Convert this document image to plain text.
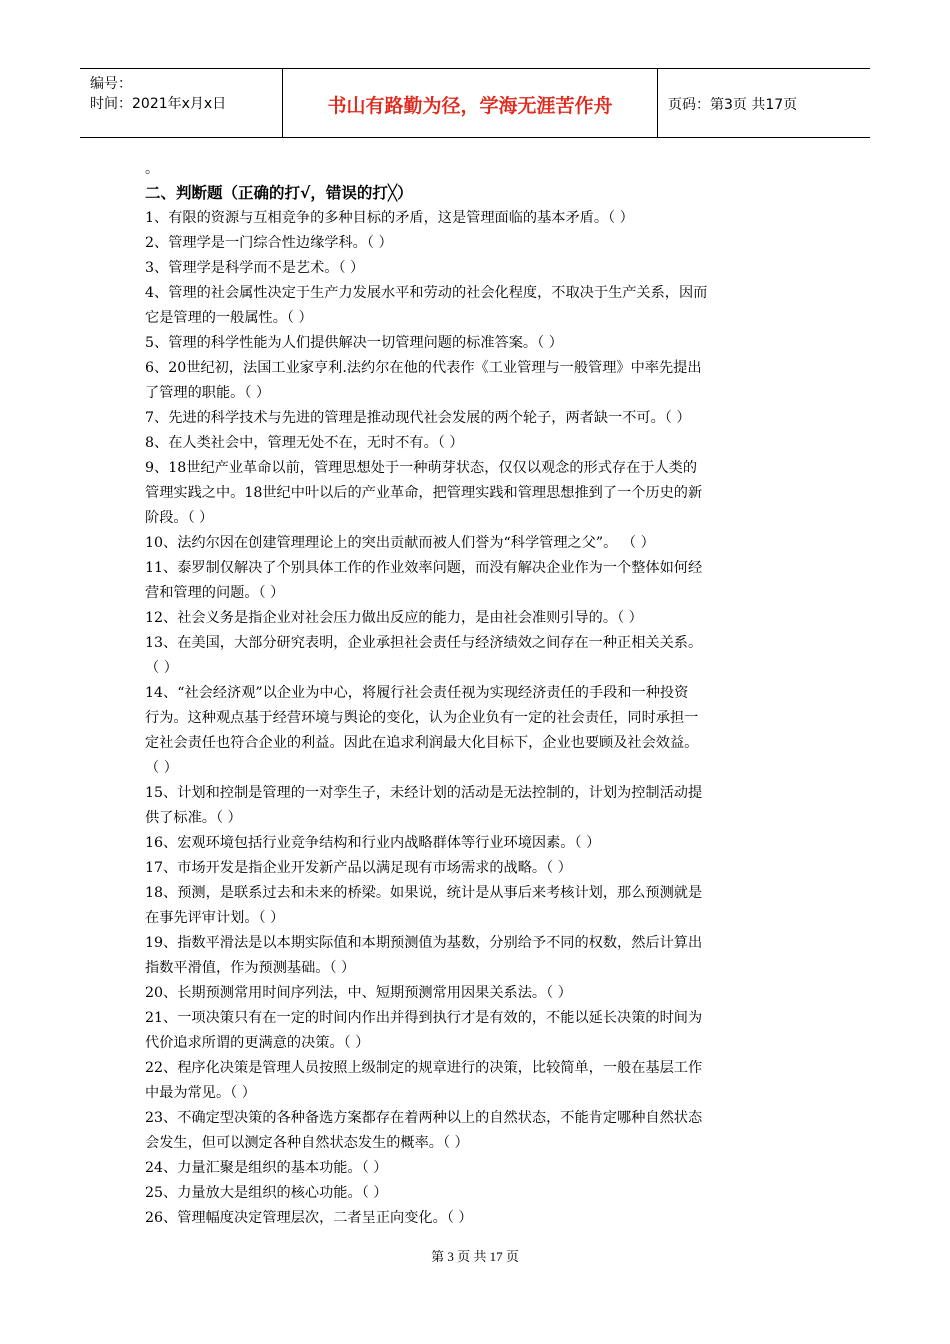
编号：
时间：2021年x月x日	书山有路勤为径，学海无涯苦作舟	页码：第3页 共17页
。
二、判断题（正确的打√，错误的打╳）
1、有限的资源与互相竞争的多种目标的矛盾，这是管理面临的基本矛盾。（ ）
2、管理学是一门综合性边缘学科。（ ）
3、管理学是科学而不是艺术。（ ）
4、管理的社会属性决定于生产力发展水平和劳动的社会化程度，不取决于生产关系，因而
它是管理的一般属性。（ ）
5、管理的科学性能为人们提供解决一切管理问题的标准答案。（ ）
6、20世纪初，法国工业家亨利.法约尔在他的代表作《工业管理与一般管理》中率先提出
了管理的职能。（ ）
7、先进的科学技术与先进的管理是推动现代社会发展的两个轮子，两者缺一不可。（ ）
8、在人类社会中，管理无处不在，无时不有。（ ）
9、18世纪产业革命以前，管理思想处于一种萌芽状态，仅仅以观念的形式存在于人类的
管理实践之中。18世纪中叶以后的产业革命，把管理实践和管理思想推到了一个历史的新
阶段。（ ）
10、法约尔因在创建管理理论上的突出贡献而被人们誉为“科学管理之父”。 （ ）
11、泰罗制仅解决了个别具体工作的作业效率问题，而没有解决企业作为一个整体如何经
营和管理的问题。（ ）
12、社会义务是指企业对社会压力做出反应的能力，是由社会准则引导的。（ ）
13、在美国，大部分研究表明，企业承担社会责任与经济绩效之间存在一种正相关关系。
（ ）
14、“社会经济观”以企业为中心，将履行社会责任视为实现经济责任的手段和一种投资
行为。这种观点基于经营环境与舆论的变化，认为企业负有一定的社会责任，同时承担一
定社会责任也符合企业的利益。因此在追求利润最大化目标下，企业也要顾及社会效益。
（ ）
15、计划和控制是管理的一对孪生子，未经计划的活动是无法控制的，计划为控制活动提
供了标准。（ ）
16、宏观环境包括行业竞争结构和行业内战略群体等行业环境因素。（ ）
17、市场开发是指企业开发新产品以满足现有市场需求的战略。（ ）
18、预测，是联系过去和未来的桥梁。如果说，统计是从事后来考核计划，那么预测就是
在事先评审计划。（ ）
19、指数平滑法是以本期实际值和本期预测值为基数，分别给予不同的权数，然后计算出
指数平滑值，作为预测基础。（ ）
20、长期预测常用时间序列法，中、短期预测常用因果关系法。（ ）
21、一项决策只有在一定的时间内作出并得到执行才是有效的，不能以延长决策的时间为
代价追求所谓的更满意的决策。（ ）
22、程序化决策是管理人员按照上级制定的规章进行的决策，比较简单，一般在基层工作
中最为常见。（ ）
23、不确定型决策的各种备选方案都存在着两种以上的自然状态，不能肯定哪种自然状态
会发生，但可以测定各种自然状态发生的概率。（ ）
24、力量汇聚是组织的基本功能。（ ）
25、力量放大是组织的核心功能。（ ）
26、管理幅度决定管理层次，二者呈正向变化。（ ）
第 3 页 共 17 页
